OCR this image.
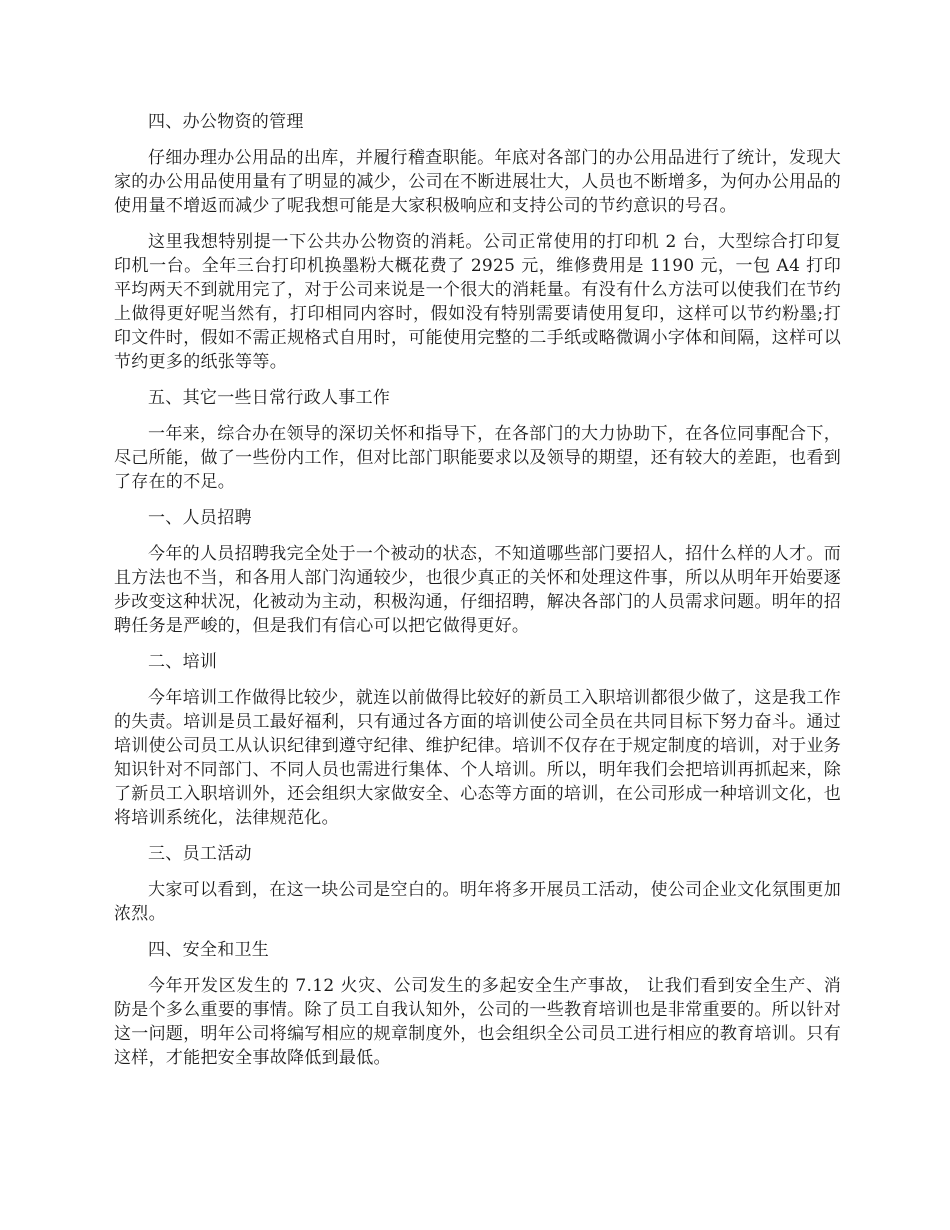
四、办公物资的管理

仔细办理办公用品的出库，并履行稽查职能。年底对各部门的办公用品进行了统计，发现大家的办公用品使用量有了明显的减少，公司在不断进展壮大，人员也不断增多，为何办公用品的使用量不增返而减少了呢我想可能是大家积极响应和支持公司的节约意识的号召。

这里我想特别提一下公共办公物资的消耗。公司正常使用的打印机 2 台，大型综合打印复印机一台。全年三台打印机换墨粉大概花费了 2925 元，维修费用是 1190 元，一包 A4 打印平均两天不到就用完了，对于公司来说是一个很大的消耗量。有没有什么方法可以使我们在节约上做得更好呢当然有，打印相同内容时，假如没有特别需要请使用复印，这样可以节约粉墨;打印文件时，假如不需正规格式自用时，可能使用完整的二手纸或略微调小字体和间隔，这样可以节约更多的纸张等等。

五、其它一些日常行政人事工作

一年来，综合办在领导的深切关怀和指导下，在各部门的大力协助下，在各位同事配合下，尽己所能，做了一些份内工作，但对比部门职能要求以及领导的期望，还有较大的差距，也看到了存在的不足。

一、人员招聘

今年的人员招聘我完全处于一个被动的状态，不知道哪些部门要招人，招什么样的人才。而且方法也不当，和各用人部门沟通较少，也很少真正的关怀和处理这件事，所以从明年开始要逐步改变这种状况，化被动为主动，积极沟通，仔细招聘，解决各部门的人员需求问题。明年的招聘任务是严峻的，但是我们有信心可以把它做得更好。

二、培训

今年培训工作做得比较少，就连以前做得比较好的新员工入职培训都很少做了，这是我工作的失责。培训是员工最好福利，只有通过各方面的培训使公司全员在共同目标下努力奋斗。通过培训使公司员工从认识纪律到遵守纪律、维护纪律。培训不仅存在于规定制度的培训，对于业务知识针对不同部门、不同人员也需进行集体、个人培训。所以，明年我们会把培训再抓起来，除了新员工入职培训外，还会组织大家做安全、心态等方面的培训，在公司形成一种培训文化，也将培训系统化，法律规范化。

三、员工活动

大家可以看到，在这一块公司是空白的。明年将多开展员工活动，使公司企业文化氛围更加浓烈。

四、安全和卫生

今年开发区发生的 7.12 火灾、公司发生的多起安全生产事故， 让我们看到安全生产、消防是个多么重要的事情。除了员工自我认知外，公司的一些教育培训也是非常重要的。所以针对这一问题，明年公司将编写相应的规章制度外，也会组织全公司员工进行相应的教育培训。只有这样，才能把安全事故降低到最低。
